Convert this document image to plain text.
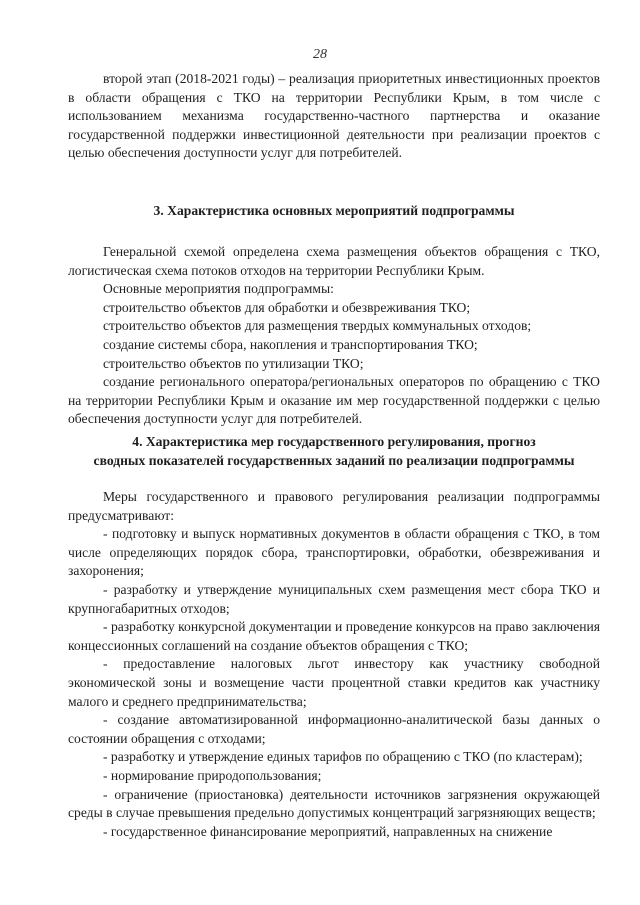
28

второй этап (2018-2021 годы) – реализация приоритетных инвестиционных проектов в области обращения с ТКО на территории Республики Крым, в том числе с использованием механизма государственно-частного партнерства и оказание государственной поддержки инвестиционной деятельности при реализации проектов с целью обеспечения доступности услуг для потребителей.

3. Характеристика основных мероприятий подпрограммы

Генеральной схемой определена схема размещения объектов обращения с ТКО, логистическая схема потоков отходов на территории Республики Крым.

Основные мероприятия подпрограммы:

строительство объектов для обработки и обезвреживания ТКО;

строительство объектов для размещения твердых коммунальных отходов;

создание системы сбора, накопления и транспортирования ТКО;

строительство объектов по утилизации ТКО;

создание регионального оператора/региональных операторов по обращению с ТКО на территории Республики Крым и оказание им мер государственной поддержки с целью обеспечения доступности услуг для потребителей.

4. Характеристика мер государственного регулирования, прогноз

сводных показателей государственных заданий по реализации подпрограммы

Меры государственного и правового регулирования реализации подпрограммы предусматривают:

- подготовку и выпуск нормативных документов в области обращения с ТКО, в том числе определяющих порядок сбора, транспортировки, обработки, обезвреживания и захоронения;

- разработку и утверждение муниципальных схем размещения мест сбора ТКО и крупногабаритных отходов;

- разработку конкурсной документации и проведение конкурсов на право заключения концессионных соглашений на создание объектов обращения с ТКО;

- предоставление налоговых льгот инвестору как участнику свободной экономической зоны и возмещение части процентной ставки кредитов как участнику малого и среднего предпринимательства;

- создание автоматизированной информационно-аналитической базы данных о состоянии обращения с отходами;

- разработку и утверждение единых тарифов по обращению с ТКО (по кластерам);

- нормирование природопользования;

- ограничение (приостановка) деятельности источников загрязнения окружающей среды в случае превышения предельно допустимых концентраций загрязняющих веществ;

- государственное финансирование мероприятий, направленных на снижение
